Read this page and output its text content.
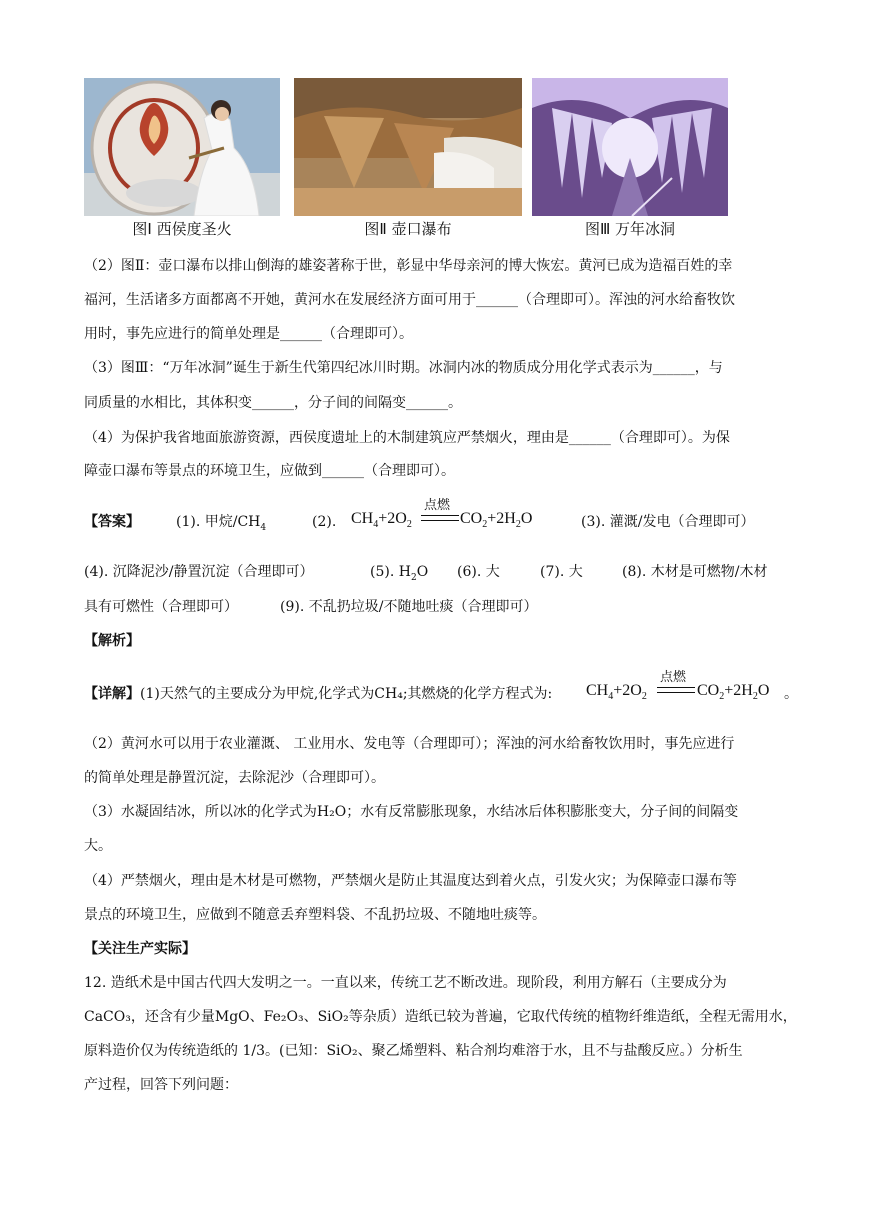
图Ⅰ 西侯度圣火	图Ⅱ 壶口瀑布	图Ⅲ 万年冰洞
（2）图Ⅱ：壶口瀑布以排山倒海的雄姿著称于世，彰显中华母亲河的博大恢宏。黄河已成为造福百姓的幸
福河，生活诸多方面都离不开她，黄河水在发展经济方面可用于______（合理即可）。浑浊的河水给畜牧饮
用时，事先应进行的简单处理是______（合理即可）。
（3）图Ⅲ：“万年冰洞”诞生于新生代第四纪冰川时期。冰洞内冰的物质成分用化学式表示为______，与
同质量的水相比，其体积变______，分子间的间隔变______。
（4）为保护我省地面旅游资源，西侯度遗址上的木制建筑应严禁烟火，理由是______（合理即可）。为保
障壶口瀑布等景点的环境卫生，应做到______（合理即可）。
【答案】	(1). 甲烷$/CH_4$	(2). $CH_4+2O_2$
点燃
$CO_2+2H_2O$	(3). 灌溉/发电（合理即可）
(4). 沉降泥沙/静置沉淀（合理即可）	(5). $H_2O$ (6). 大	(7). 大	(8). 木材是可燃物/木材
具有可燃性（合理即可）	(9). 不乱扔垃圾/不随地吐痰（合理即可）
【解析】
【详解】(1)天然气的主要成分为甲烷,化学式为CH₄;其燃烧的化学方程式为: $CH_4+2O_2$
点燃
$CO_2+2H_2O$ 。
（2）黄河水可以用于农业灌溉、 工业用水、发电等（合理即可）；浑浊的河水给畜牧饮用时，事先应进行
的简单处理是静置沉淀，去除泥沙（合理即可）。
（3）水凝固结冰，所以冰的化学式为H₂O；水有反常膨胀现象，水结冰后体积膨胀变大，分子间的间隔变
大。
（4）严禁烟火，理由是木材是可燃物，严禁烟火是防止其温度达到着火点，引发火灾；为保障壶口瀑布等
景点的环境卫生，应做到不随意丢弃塑料袋、不乱扔垃圾、不随地吐痰等。
【关注生产实际】
12. 造纸术是中国古代四大发明之一。一直以来，传统工艺不断改进。现阶段，利用方解石（主要成分为
CaCO₃，还含有少量MgO、Fe₂O₃、SiO₂等杂质）造纸已较为普遍，它取代传统的植物纤维造纸，全程无需用水，
原料造价仅为传统造纸的 1/3。(已知：SiO₂、聚乙烯塑料、粘合剂均难溶于水，且不与盐酸反应。）分析生
产过程，回答下列问题：
